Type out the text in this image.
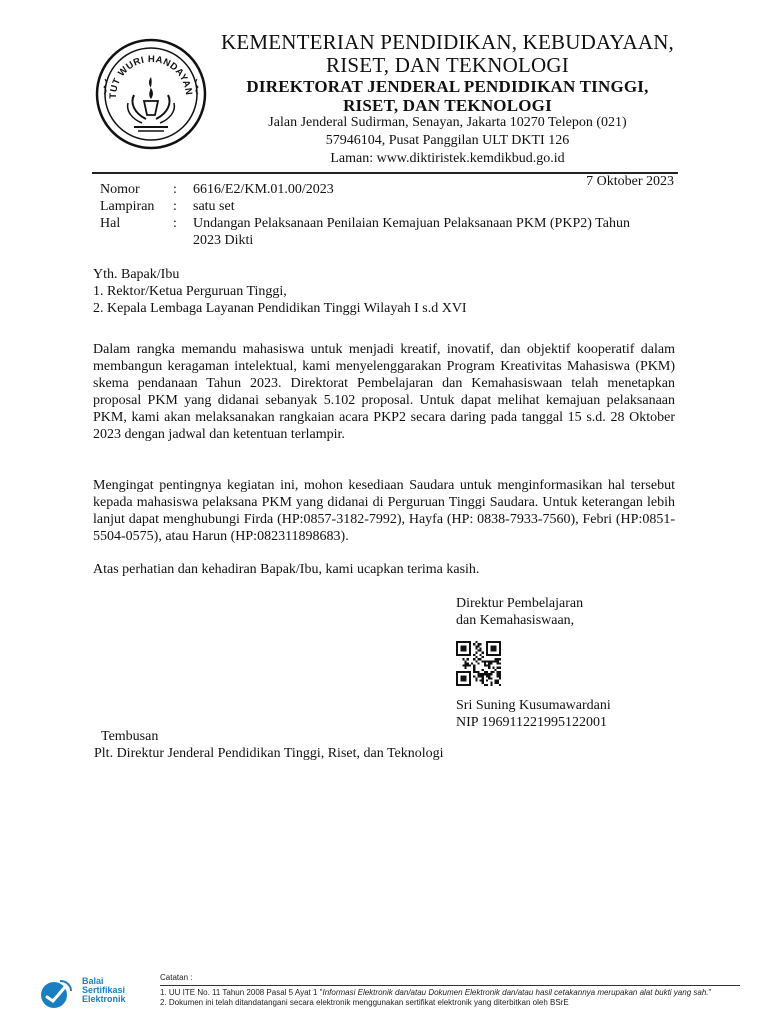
TUT WURI HANDAYAN
KEMENTERIAN PENDIDIKAN, KEBUDAYAAN,
RISET, DAN TEKNOLOGI
DIREKTORAT JENDERAL PENDIDIKAN TINGGI,
RISET, DAN TEKNOLOGI
Jalan Jenderal Sudirman, Senayan, Jakarta 10270 Telepon (021) 57946104, Pusat Panggilan ULT DKTI 126
Laman: www.diktiristek.kemdikbud.go.id
7 Oktober 2023
Nomor	:	6616/E2/KM.01.00/2023
Lampiran	:	satu set
Hal	:	Undangan Pelaksanaan Penilaian Kemajuan Pelaksanaan PKM (PKP2) Tahun 2023 Dikti
Yth. Bapak/Ibu
1. Rektor/Ketua Perguruan Tinggi,
2. Kepala Lembaga Layanan Pendidikan Tinggi Wilayah I s.d XVI
Dalam rangka memandu mahasiswa untuk menjadi kreatif, inovatif, dan objektif kooperatif dalam membangun keragaman intelektual, kami menyelenggarakan Program Kreativitas Mahasiswa (PKM) skema pendanaan Tahun 2023. Direktorat Pembelajaran dan Kemahasiswaan telah menetapkan proposal PKM yang didanai sebanyak 5.102 proposal. Untuk dapat melihat kemajuan pelaksanaan PKM, kami akan melaksanakan rangkaian acara PKP2 secara daring pada tanggal 15 s.d. 28 Oktober 2023 dengan jadwal dan ketentuan terlampir.
Mengingat pentingnya kegiatan ini, mohon kesediaan Saudara untuk menginformasikan hal tersebut kepada mahasiswa pelaksana PKM yang didanai di Perguruan Tinggi Saudara. Untuk keterangan lebih lanjut dapat menghubungi Firda (HP:0857-3182-7992), Hayfa (HP: 0838-7933-7560), Febri (HP:0851-5504-0575), atau Harun (HP:082311898683).
Atas perhatian dan kehadiran Bapak/Ibu, kami ucapkan terima kasih.
Direktur Pembelajaran
dan Kemahasiswaan,
Sri Suning Kusumawardani
NIP 196911221995122001
Tembusan
Plt. Direktur Jenderal Pendidikan Tinggi, Riset, dan Teknologi
Balai
Sertifikasi
Elektronik
Catatan :
1. UU ITE No. 11 Tahun 2008 Pasal 5 Ayat 1 "Informasi Elektronik dan/atau Dokumen Elektronik dan/atau hasil cetakannya merupakan alat bukti yang sah."
2. Dokumen ini telah ditandatangani secara elektronik menggunakan sertifikat elektronik yang diterbitkan oleh BSrE
